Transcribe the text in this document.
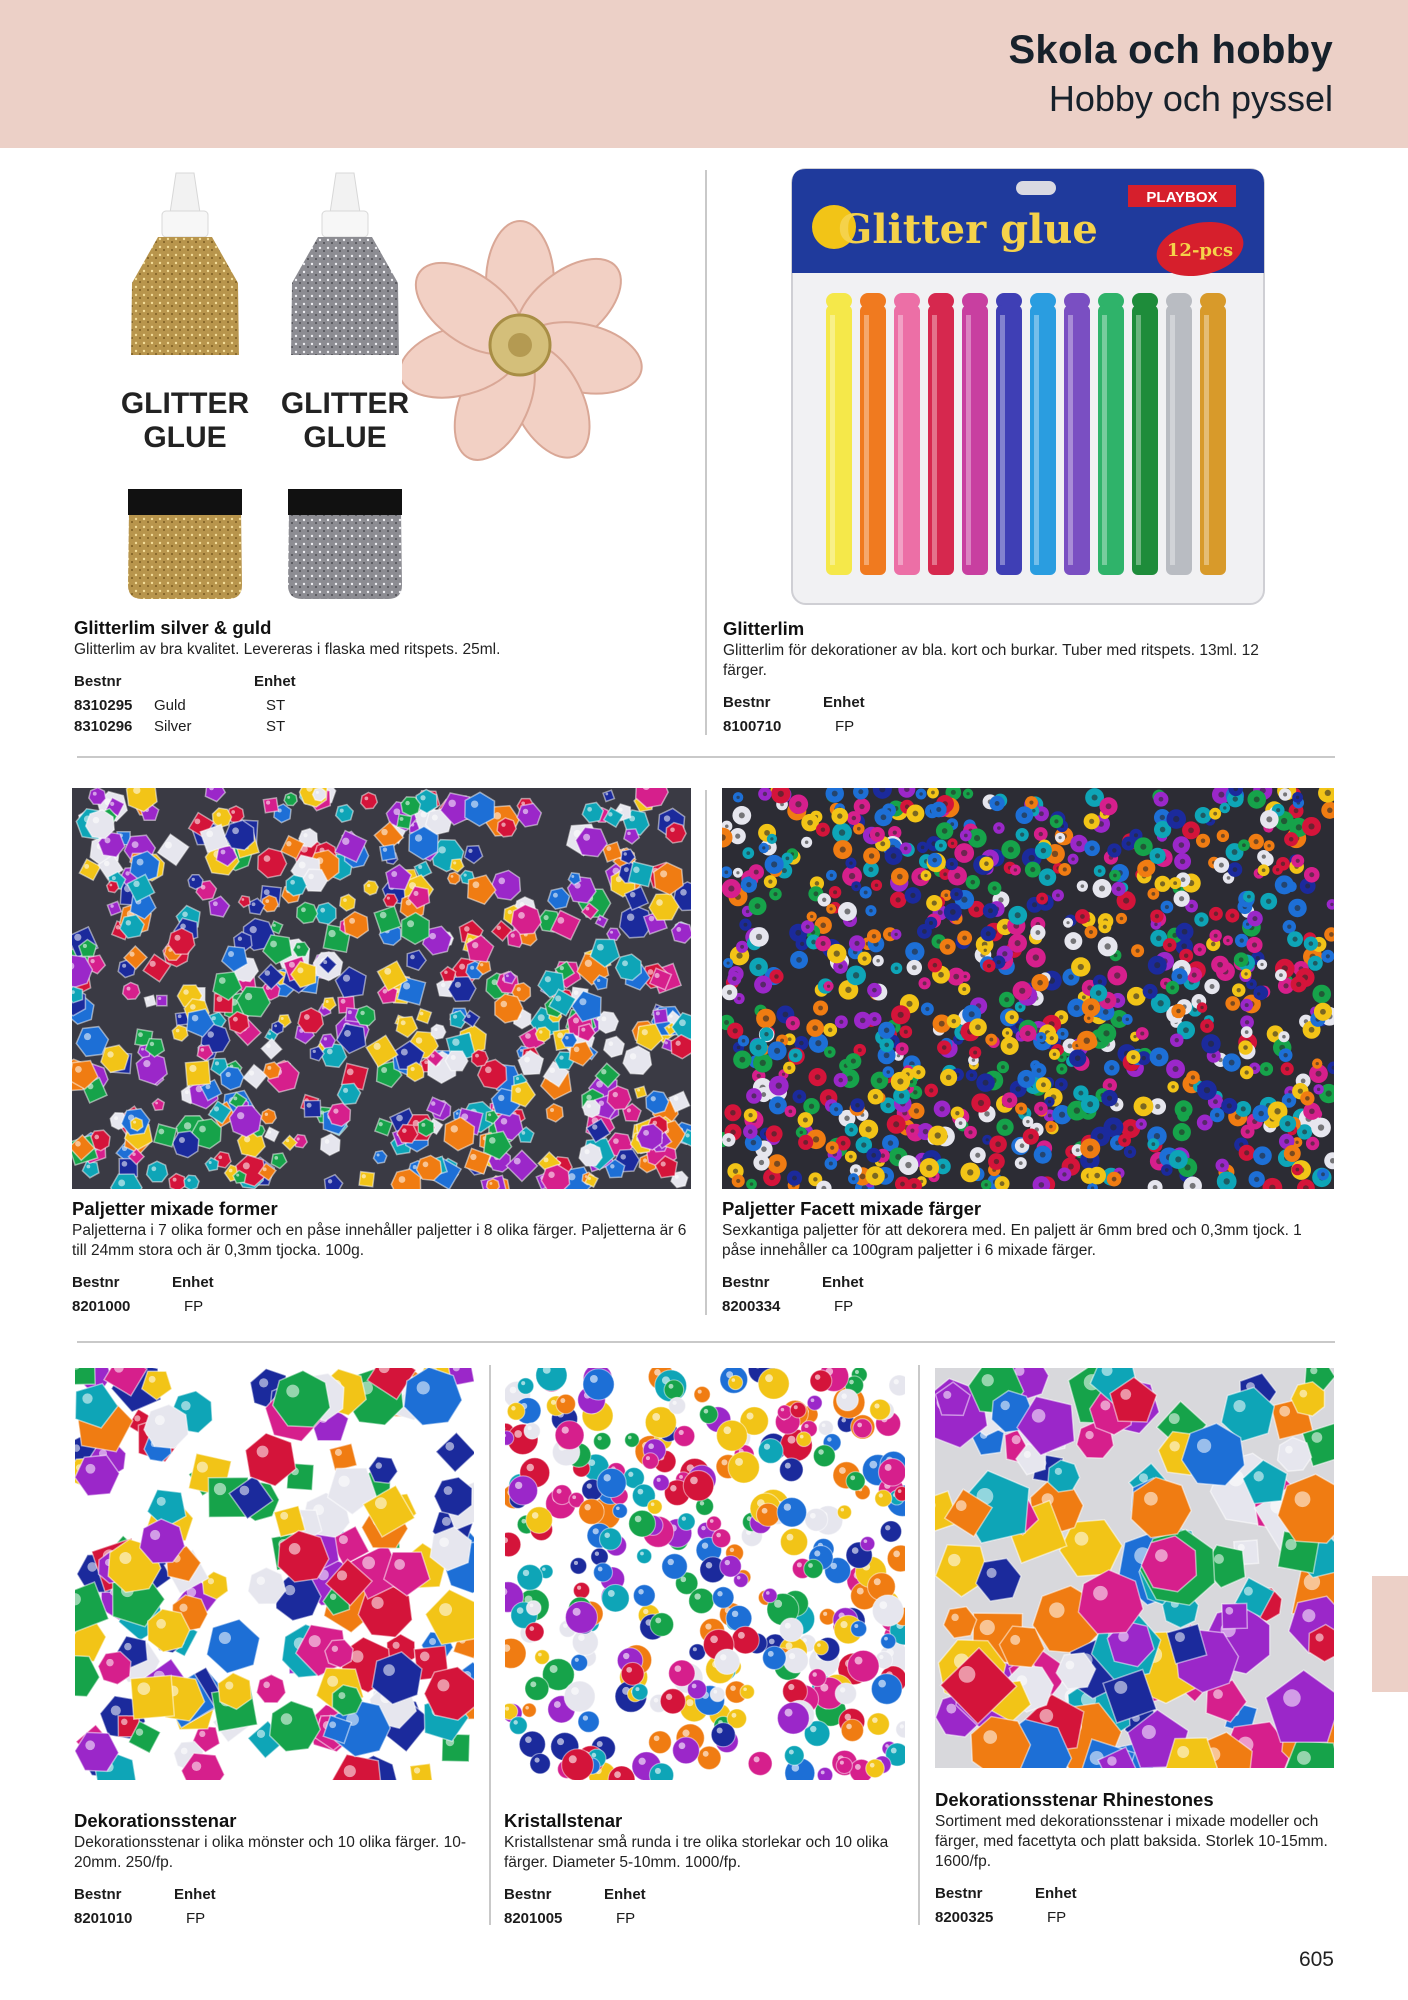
Skola och hobby
Hobby och pyssel
GLITTER
GLUE
GLITTER
GLUE
Glitter glue
PLAYBOX
12-pcs
Glitterlim silver & guld
Glitterlim av bra kvalitet. Levereras i flaska med ritspets. 25ml.
Bestnr		Enhet
8310295	Guld	ST
8310296	Silver	ST
Glitterlim
Glitterlim för dekorationer av bla. kort och burkar. Tuber med ritspets. 13ml. 12 färger.
Bestnr	Enhet
8100710	FP
Paljetter mixade former
Paljetterna i 7 olika former och en påse innehåller paljetter i 8 olika färger. Paljetterna är 6 till 24mm stora och är 0,3mm tjocka. 100g.
Bestnr	Enhet
8201000	FP
Paljetter Facett mixade färger
Sexkantiga paljetter för att dekorera med. En paljett är 6mm bred och 0,3mm tjock. 1 påse innehåller ca 100gram paljetter i 6 mixade färger.
Bestnr	Enhet
8200334	FP
Dekorationsstenar
Dekorationsstenar i olika mönster och 10 olika färger. 10-20mm. 250/fp.
Bestnr	Enhet
8201010	FP
Kristallstenar
Kristallstenar små runda i tre olika storlekar och 10 olika färger. Diameter 5-10mm. 1000/fp.
Bestnr	Enhet
8201005	FP
Dekorationsstenar Rhinestones
Sortiment med dekorationsstenar i mixade modeller och färger, med facettyta och platt baksida. Storlek 10-15mm. 1600/fp.
Bestnr	Enhet
8200325	FP
605
